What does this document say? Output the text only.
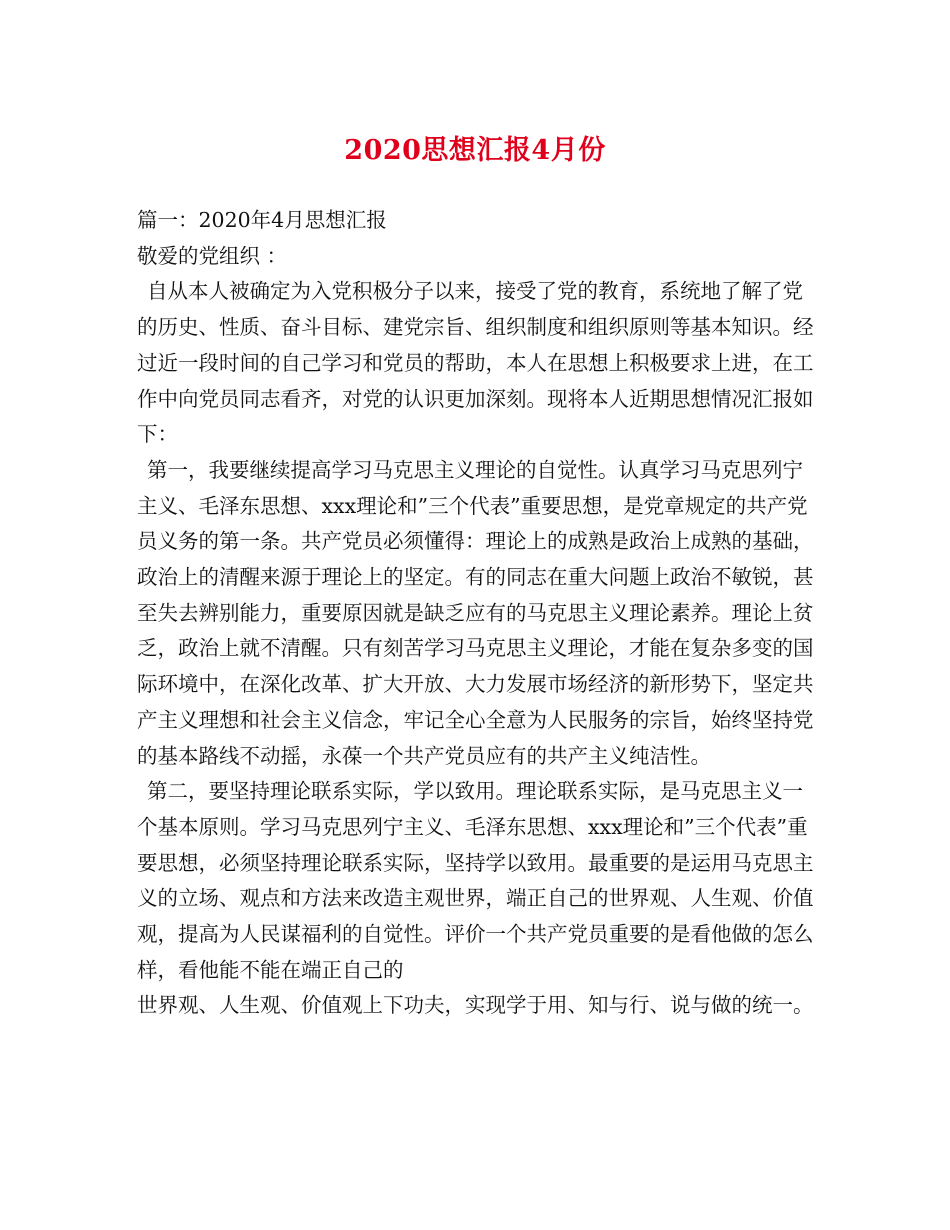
2020思想汇报4月份

篇一：2020年4月思想汇报

敬爱的党组织 ：

自从本人被确定为入党积极分子以来，接受了党的教育，系统地了解了党的历史、性质、奋斗目标、建党宗旨、组织制度和组织原则等基本知识。经过近一段时间的自己学习和党员的帮助，本人在思想上积极要求上进，在工作中向党员同志看齐，对党的认识更加深刻。现将本人近期思想情况汇报如下：

第一，我要继续提高学习马克思主义理论的自觉性。认真学习马克思列宁主义、毛泽东思想、xxx理论和”三个代表”重要思想，是党章规定的共产党员义务的第一条。共产党员必须懂得：理论上的成熟是政治上成熟的基础，政治上的清醒来源于理论上的坚定。有的同志在重大问题上政治不敏锐，甚至失去辨别能力，重要原因就是缺乏应有的马克思主义理论素养。理论上贫乏，政治上就不清醒。只有刻苦学习马克思主义理论，才能在复杂多变的国际环境中，在深化改革、扩大开放、大力发展市场经济的新形势下，坚定共产主义理想和社会主义信念，牢记全心全意为人民服务的宗旨，始终坚持党的基本路线不动摇，永葆一个共产党员应有的共产主义纯洁性。

第二，要坚持理论联系实际，学以致用。理论联系实际，是马克思主义一个基本原则。学习马克思列宁主义、毛泽东思想、xxx理论和”三个代表”重要思想，必须坚持理论联系实际，坚持学以致用。最重要的是运用马克思主义的立场、观点和方法来改造主观世界，端正自己的世界观、人生观、价值观，提高为人民谋福利的自觉性。评价一个共产党员重要的是看他做的怎么样，看他能不能在端正自己的

世界观、人生观、价值观上下功夫，实现学于用、知与行、说与做的统一。
